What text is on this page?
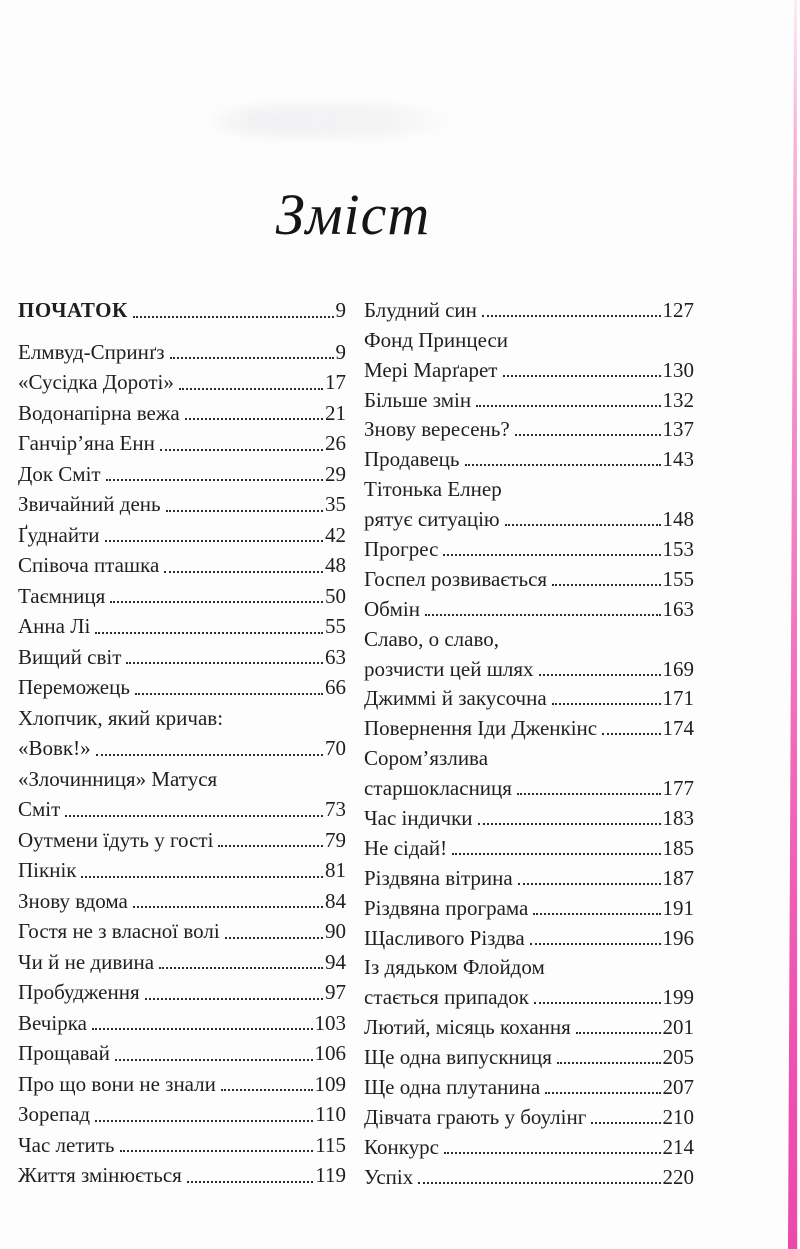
Зміст
ПОЧАТОК	9
Елмвуд-Спринґз	9
«Сусідка Дороті»	17
Водонапірна вежа	21
Ганчір’яна Енн	26
Док Сміт	29
Звичайний день	35
Ґуднайти	42
Співоча пташка	48
Таємниця	50
Анна Лі	55
Вищий світ	63
Переможець	66
Хлопчик, який кричав:
«Вовк!»	70
«Злочинниця» Матуся
Сміт	73
Оутмени їдуть у гості	79
Пікнік	81
Знову вдома	84
Гостя не з власної волі	90
Чи й не дивина	94
Пробудження	97
Вечірка	103
Прощавай	106
Про що вони не знали	109
Зорепад	110
Час летить	115
Життя змінюється	119
Блудний син	127
Фонд Принцеси
Мері Марґарет	130
Більше змін	132
Знову вересень?	137
Продавець	143
Тітонька Елнер
рятує ситуацію	148
Прогрес	153
Госпел розвивається	155
Обмін	163
Славо, о славо,
розчисти цей шлях	169
Джиммі й закусочна	171
Повернення Іди Дженкінс	174
Сором’язлива
старшокласниця	177
Час індички	183
Не сідай!	185
Різдвяна вітрина	187
Різдвяна програма	191
Щасливого Різдва	196
Із дядьком Флойдом
стається припадок	199
Лютий, місяць кохання	201
Ще одна випускниця	205
Ще одна плутанина	207
Дівчата грають у боулінг	210
Конкурс	214
Успіх	220
